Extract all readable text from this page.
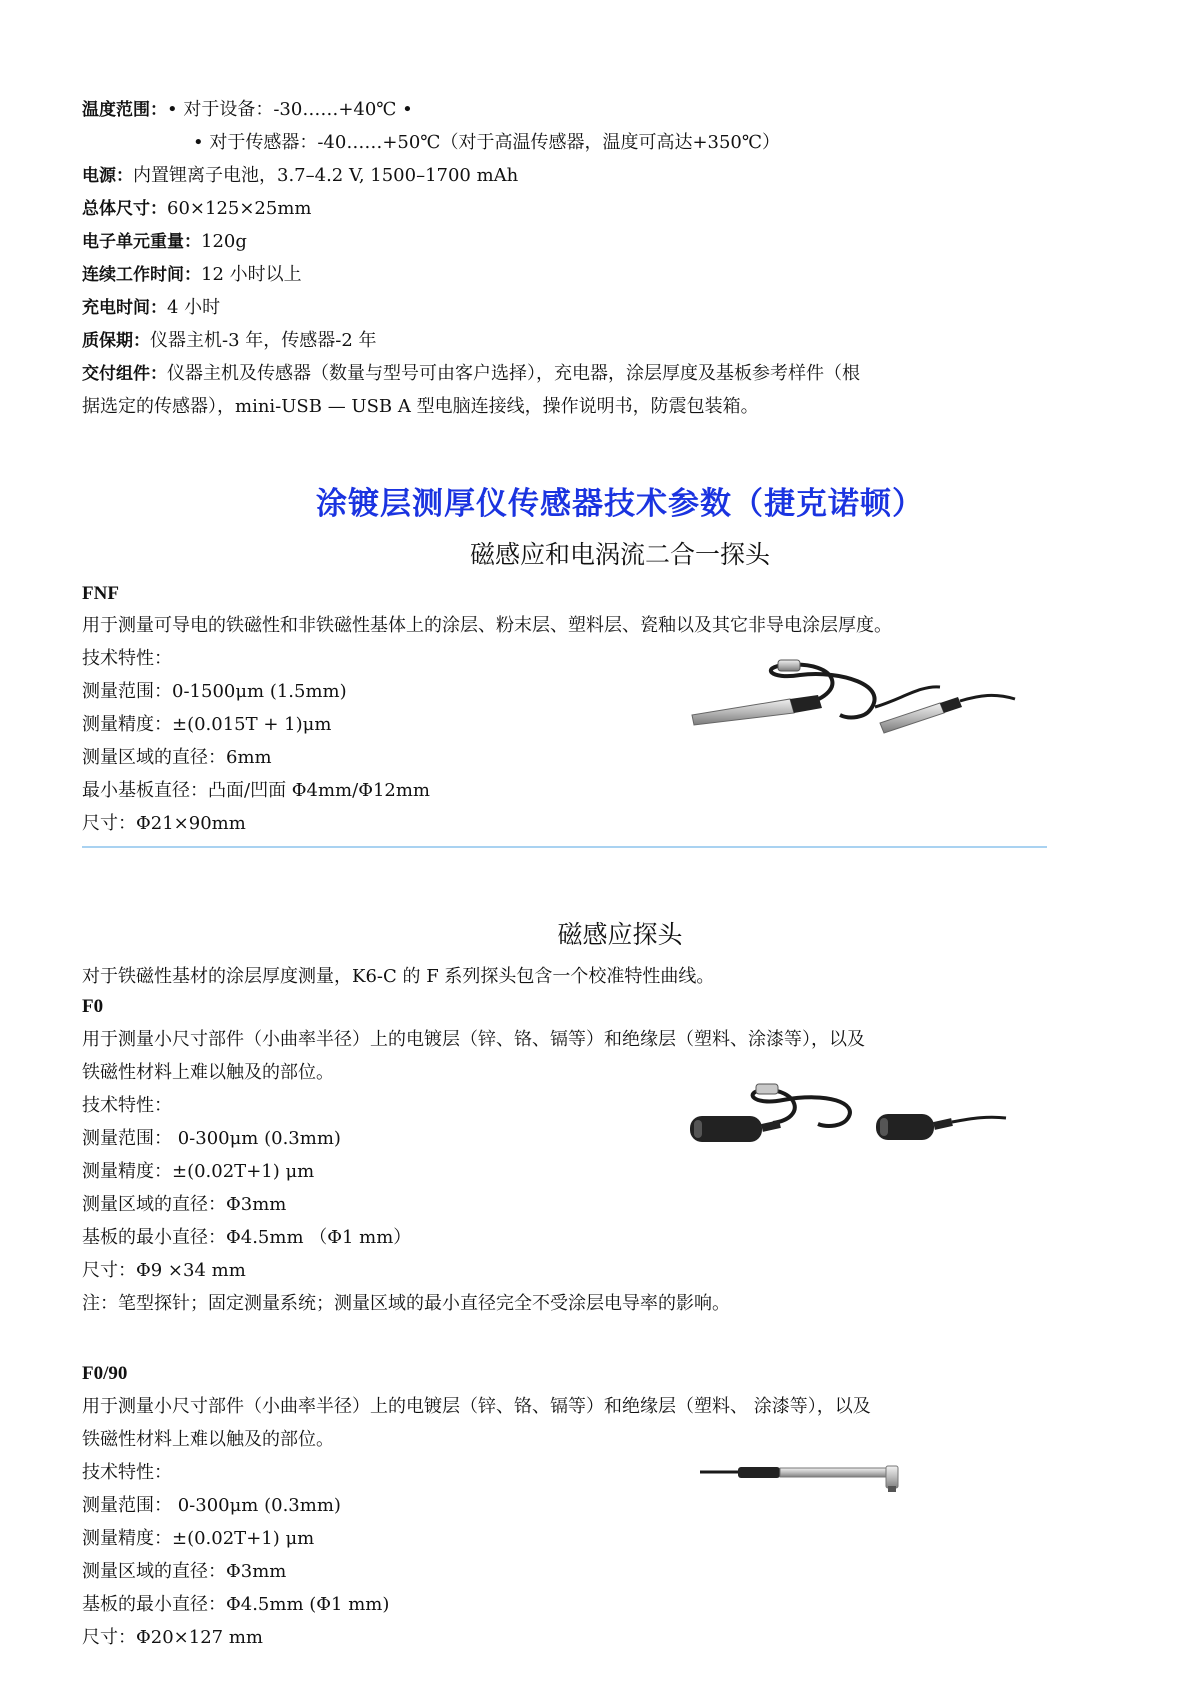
温度范围：• 对于设备：-30……+40℃ •
• 对于传感器：-40……+50℃（对于高温传感器，温度可高达+350℃）
电源：内置锂离子电池，3.7–4.2 V, 1500–1700 mAh
总体尺寸：60×125×25mm
电子单元重量：120g
连续工作时间：12 小时以上
充电时间：4 小时
质保期：仪器主机-3 年，传感器-2 年
交付组件：仪器主机及传感器（数量与型号可由客户选择），充电器，涂层厚度及基板参考样件（根
据选定的传感器），mini-USB — USB A 型电脑连接线，操作说明书，防震包装箱。
涂镀层测厚仪传感器技术参数（捷克诺顿）
磁感应和电涡流二合一探头
FNF
用于测量可导电的铁磁性和非铁磁性基体上的涂层、粉末层、塑料层、瓷釉以及其它非导电涂层厚度。
技术特性：
测量范围：0-1500μm (1.5mm)
测量精度：±(0.015T + 1)μm
测量区域的直径：6mm
最小基板直径：凸面/凹面 Φ4mm/Φ12mm
尺寸：Φ21×90mm
磁感应探头
对于铁磁性基材的涂层厚度测量，K6-C 的 F 系列探头包含一个校准特性曲线。
F0
用于测量小尺寸部件（小曲率半径）上的电镀层（锌、铬、镉等）和绝缘层（塑料、涂漆等），以及
铁磁性材料上难以触及的部位。
技术特性：
测量范围： 0-300μm (0.3mm)
测量精度：±(0.02T+1) μm
测量区域的直径：Φ3mm
基板的最小直径：Φ4.5mm （Φ1 mm）
尺寸：Φ9 ×34 mm
注：笔型探针；固定测量系统；测量区域的最小直径完全不受涂层电导率的影响。
F0/90
用于测量小尺寸部件（小曲率半径）上的电镀层（锌、铬、镉等）和绝缘层（塑料、 涂漆等），以及
铁磁性材料上难以触及的部位。
技术特性：
测量范围： 0-300μm (0.3mm)
测量精度：±(0.02T+1) μm
测量区域的直径：Φ3mm
基板的最小直径：Φ4.5mm (Φ1 mm)
尺寸：Φ20×127 mm
